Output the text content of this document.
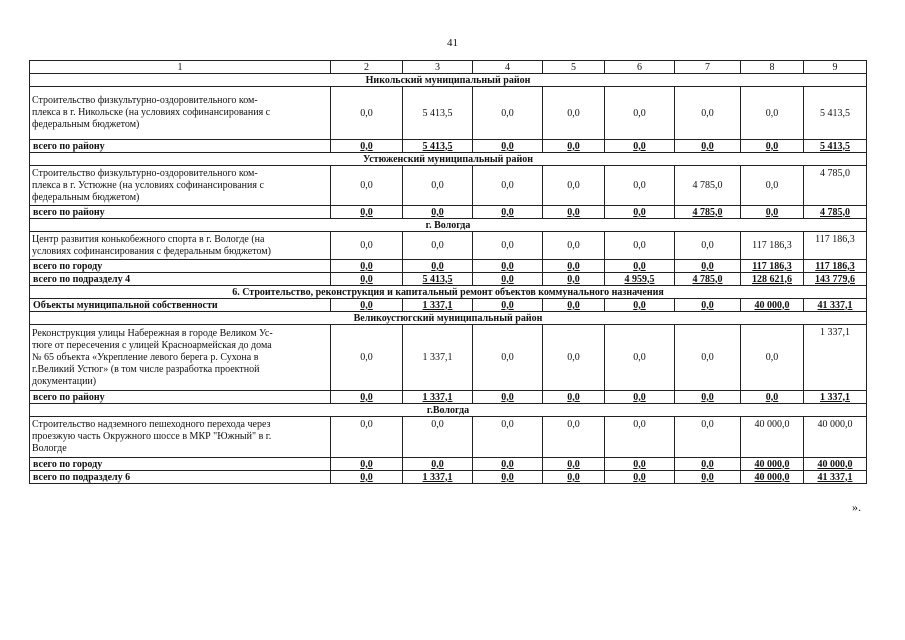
41
1	2	3	4	5	6	7	8	9
Никольский муниципальный район								
Строительство физкультурно-оздоровительного ком-
плекса в г. Никольске (на условиях софинансирования с
федеральным бюджетом)	0,0	5 413,5	0,0	0,0	0,0	0,0	0,0	5 413,5
всего по району	0,0	5 413,5	0,0	0,0	0,0	0,0	0,0	5 413,5
Устюженский муниципальный район								
Строительство физкультурно-оздоровительного ком-
плекса в г. Устюжне (на условиях софинансирования с
федеральным бюджетом)	0,0	0,0	0,0	0,0	0,0	4 785,0	0,0	4 785,0
всего по району	0,0	0,0	0,0	0,0	0,0	4 785,0	0,0	4 785,0
г. Вологда								
Центр развития конькобежного спорта в г. Вологде (на
условиях софинансирования с федеральным бюджетом)	0,0	0,0	0,0	0,0	0,0	0,0	117 186,3	117 186,3
всего по городу	0,0	0,0	0,0	0,0	0,0	0,0	117 186,3	117 186,3
всего по подразделу 4	0,0	5 413,5	0,0	0,0	4 959,5	4 785,0	128 621,6	143 779,6
6. Строительство, реконструкция и капитальный ремонт объектов коммунального назначения								
Объекты муниципальной собственности	0,0	1 337,1	0,0	0,0	0,0	0,0	40 000,0	41 337,1
Великоустюгский муниципальный район								
Реконструкция улицы Набережная в городе Великом Ус-
тюге от пересечения с улицей Красноармейская до дома
№ 65 объекта «Укрепление левого берега р. Сухона в
г.Великий Устюг» (в том числе разработка проектной
документации)	0,0	1 337,1	0,0	0,0	0,0	0,0	0,0	1 337,1
всего по району	0,0	1 337,1	0,0	0,0	0,0	0,0	0,0	1 337,1
г.Вологда								
Строительство надземного пешеходного перехода через
проезжую часть Окружного шоссе в МКР "Южный" в г.
Вологде	0,0	0,0	0,0	0,0	0,0	0,0	40 000,0	40 000,0
всего по городу	0,0	0,0	0,0	0,0	0,0	0,0	40 000,0	40 000,0
всего по подразделу 6	0,0	1 337,1	0,0	0,0	0,0	0,0	40 000,0	41 337,1
».
